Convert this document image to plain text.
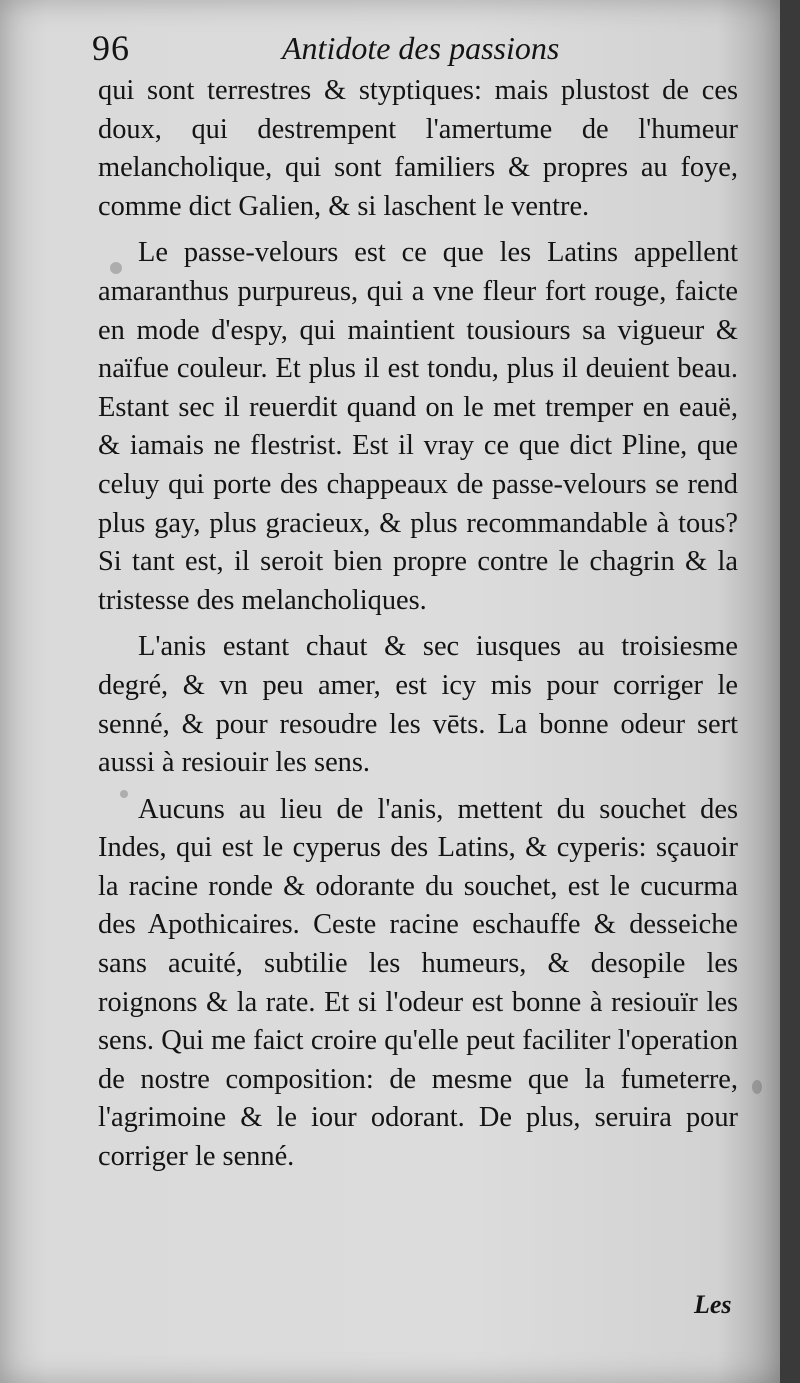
96	Antidote des passions

qui sont terrestres & styptiques: mais plustost de ces doux, qui destrempent l'amertume de l'humeur melancholique, qui sont familiers & propres au foye, comme dict Galien, & si laschent le ventre.

Le passe-velours est ce que les Latins appellent amaranthus purpureus, qui a vne fleur fort rouge, faicte en mode d'espy, qui maintient tousiours sa vigueur & naïfue couleur. Et plus il est tondu, plus il deuient beau. Estant sec il reuerdit quand on le met tremper en eauë, & iamais ne flestrist. Est il vray ce que dict Pline, que celuy qui porte des chappeaux de passe-velours se rend plus gay, plus gracieux, & plus recommandable à tous? Si tant est, il seroit bien propre contre le chagrin & la tristesse des melancholiques.

L'anis estant chaut & sec iusques au troisiesme degré, & vn peu amer, est icy mis pour corriger le senné, & pour resoudre les vēts. La bonne odeur sert aussi à resiouir les sens.

Aucuns au lieu de l'anis, mettent du souchet des Indes, qui est le cyperus des Latins, & cyperis: sçauoir la racine ronde & odorante du souchet, est le cucurma des Apothicaires. Ceste racine eschauffe & desseiche sans acuité, subtilie les humeurs, & desopile les roignons & la rate. Et si l'odeur est bonne à resiouïr les sens. Qui me faict croire qu'elle peut faciliter l'operation de nostre composition: de mesme que la fumeterre, l'agrimoine & le iour odorant. De plus, seruira pour corriger le senné.

Les
